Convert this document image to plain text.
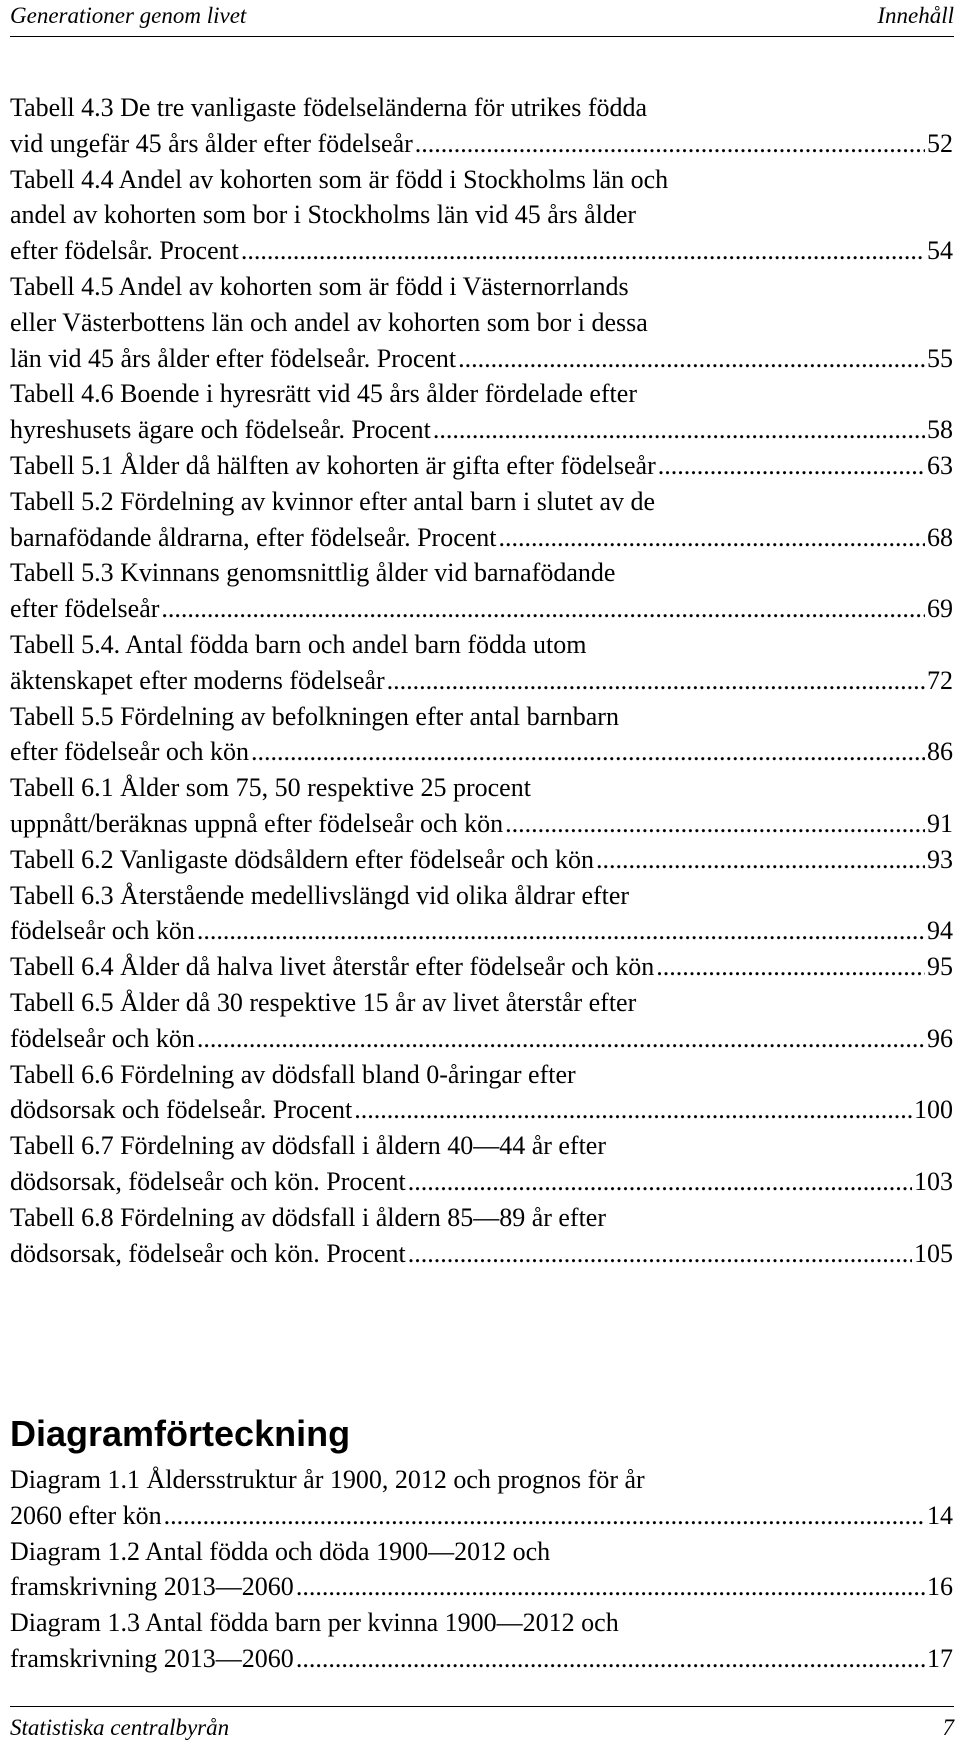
Generationer genom livet	Innehåll

Tabell 4.3 De tre vanligaste födelseländerna för utrikes födda
vid ungefär 45 års ålder efter födelseår .....	52

Tabell 4.4 Andel av kohorten som är född i Stockholms län och
andel av kohorten som bor i Stockholms län vid 45 års ålder
efter födelsår. Procent .....	54

Tabell 4.5 Andel av kohorten som är född i Västernorrlands
eller Västerbottens län och andel av kohorten som bor i dessa
län vid 45 års ålder efter födelseår. Procent .....	55

Tabell 4.6 Boende i hyresrätt vid 45 års ålder fördelade efter
hyreshusets ägare och födelseår. Procent .....	58

Tabell 5.1 Ålder då hälften av kohorten är gifta efter födelseår .....	63

Tabell 5.2 Fördelning av kvinnor efter antal barn i slutet av de
barnafödande åldrarna, efter födelseår. Procent .....	68

Tabell 5.3 Kvinnans genomsnittlig ålder vid barnafödande
efter födelseår .....	69

Tabell 5.4. Antal födda barn och andel barn födda utom
äktenskapet efter moderns födelseår .....	72

Tabell 5.5 Fördelning av befolkningen efter antal barnbarn
efter födelseår och kön .....	86

Tabell 6.1 Ålder som 75, 50 respektive 25 procent
uppnått/beräknas uppnå efter födelseår och kön .....	91

Tabell 6.2 Vanligaste dödsåldern efter födelseår och kön .....	93

Tabell 6.3 Återstående medellivslängd vid olika åldrar efter
födelseår och kön .....	94

Tabell 6.4 Ålder då halva livet återstår efter födelseår och kön .....	95

Tabell 6.5 Ålder då 30 respektive 15 år av livet återstår efter
födelseår och kön .....	96

Tabell 6.6 Fördelning av dödsfall bland 0-åringar efter
dödsorsak och födelseår. Procent .....	100

Tabell 6.7 Fördelning av dödsfall i åldern 40—44 år efter
dödsorsak, födelseår och kön. Procent .....	103

Tabell 6.8 Fördelning av dödsfall i åldern 85—89 år efter
dödsorsak, födelseår och kön. Procent .....	105

Diagramförteckning

Diagram 1.1 Åldersstruktur år 1900, 2012 och prognos för år
2060 efter kön .....	14

Diagram 1.2 Antal födda och döda 1900—2012 och
framskrivning 2013—2060 .....	16

Diagram 1.3 Antal födda barn per kvinna 1900—2012 och
framskrivning 2013—2060 .....	17

Statistiska centralbyrån	7
